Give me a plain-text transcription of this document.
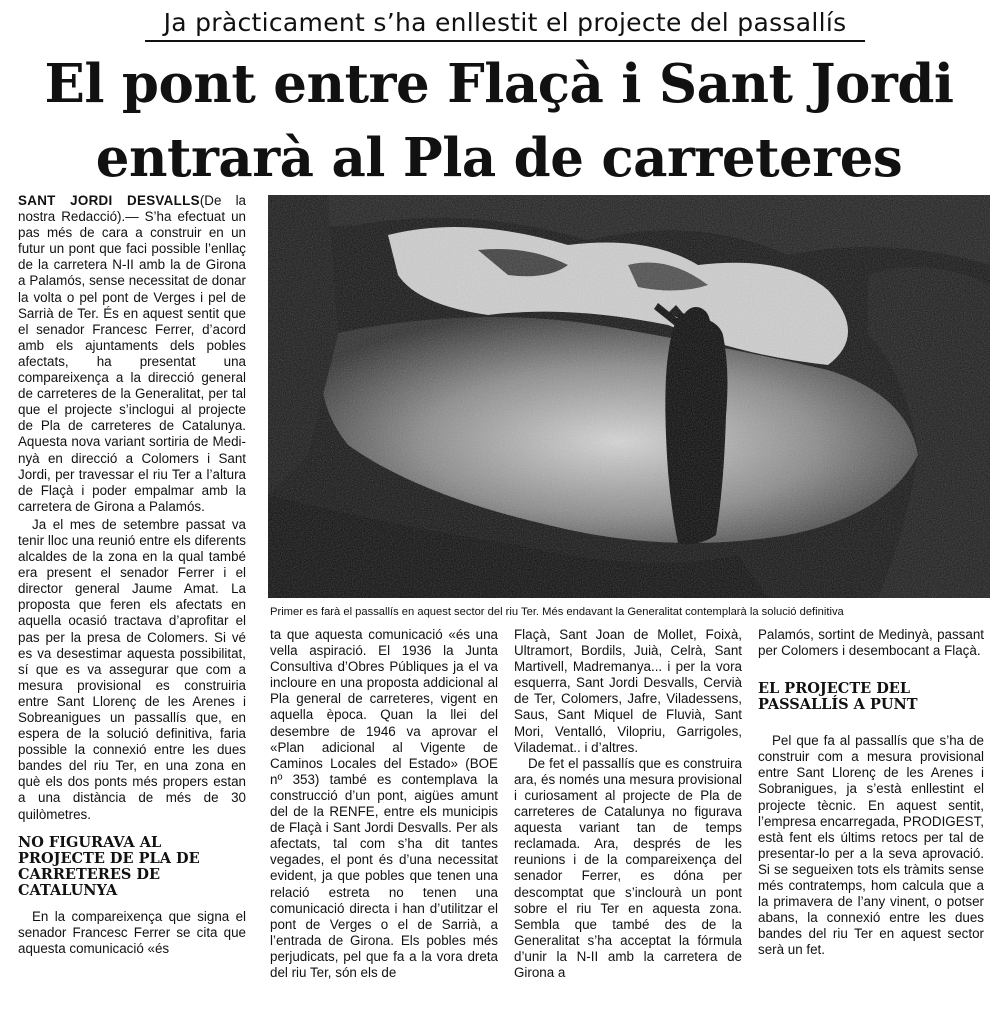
Ja pràcticament s’ha enllestit el projecte del passallís
El pont entre Flaçà i Sant Jordi
entrarà al Pla de carreteres

SANT JORDI DESVALLS(De la nostra Redacció).— S’ha efectuat un pas més de cara a construir en un futur un pont que faci possible l’enllaç de la carretera N-II amb la de Girona a Palamós, sense necessitat de donar la volta o pel pont de Verges i pel de Sarrià de Ter. És en aquest sentit que el senador Francesc Ferrer, d’acord amb els ajuntaments dels pobles afectats, ha presentat una compareixença a la direcció general de carreteres de la Generalitat, per tal que el projecte s’inclogui al projecte de Pla de carreteres de Catalunya. Aquesta nova variant sortiria de Medinyà en direcció a Colomers i Sant Jordi, per travessar el riu Ter a l’altura de Flaçà i poder empalmar amb la carretera de Girona a Palamós.

Ja el mes de setembre passat va tenir lloc una reunió entre els diferents alcaldes de la zona en la qual també era present el senador Ferrer i el director general Jaume Amat. La proposta que feren els afectats en aquella ocasió tractava d’aprofitar el pas per la presa de Colomers. Si vé es va desestimar aquesta possibilitat, sí que es va assegurar que com a mesura provisional es construiria entre Sant Llorenç de les Arenes i Sobreanigues un passallís que, en espera de la solució definitiva, faria possible la connexió entre les dues bandes del riu Ter, en una zona en què els dos ponts més propers estan a una distància de més de 30 quilòmetres.

NO FIGURAVA AL PROJECTE DE PLA DE CARRETERES DE CATALUNYA

En la compareixença que signa el senador Francesc Ferrer se cita que aquesta comunicació «és

Primer es farà el passallís en aquest sector del riu Ter. Més endavant la Generalitat contemplarà la solució definitiva

ta que aquesta comunicació «és una vella aspiració. El 1936 la Junta Consultiva d’Obres Públiques ja el va incloure en una proposta addicional al Pla general de carreteres, vigent en aquella època. Quan la llei del desembre de 1946 va aprovar el «Plan adicional al Vigente de Caminos Locales del Estado» (BOE nº 353) també es contemplava la construcció d’un pont, aigües amunt del de la RENFE, entre els municipis de Flaçà i Sant Jordi Desvalls. Per als afectats, tal com s’ha dit tantes vegades, el pont és d’una necessitat evident, ja que pobles que tenen una relació estreta no tenen una comunicació directa i han d’utilitzar el pont de Verges o el de Sarrià, a l’entrada de Girona. Els pobles més perjudicats, pel que fa a la vora dreta del riu Ter, són els de

Flaçà, Sant Joan de Mollet, Foixà, Ultramort, Bordils, Juià, Celrà, Sant Martivell, Madremanya... i per la vora esquerra, Sant Jordi Desvalls, Cervià de Ter, Colomers, Jafre, Viladessens, Saus, Sant Miquel de Fluvià, Sant Mori, Ventalló, Vilopriu, Garrigoles, Vilademat.. i d’altres.

De fet el passallís que es construira ara, és només una mesura provisional i curiosament al projecte de Pla de carreteres de Catalunya no figurava aquesta variant tan de temps reclamada. Ara, després de les reunions i de la compareixença del senador Ferrer, es dóna per descomptat que s’inclourà un pont sobre el riu Ter en aquesta zona. Sembla que també des de la Generalitat s’ha acceptat la fórmula d’unir la N-II amb la carretera de Girona a

Palamós, sortint de Medinyà, passant per Colomers i desembocant a Flaçà.

EL PROJECTE DEL PASSALLÍS A PUNT

Pel que fa al passallís que s’ha de construir com a mesura provisional entre Sant Llorenç de les Arenes i Sobranigues, ja s’està enllestint el projecte tècnic. En aquest sentit, l’empresa encarregada, PRODIGEST, està fent els últims retocs per tal de presentar-lo per a la seva aprovació. Si se segueixen tots els tràmits sense més contratemps, hom calcula que a la primavera de l’any vinent, o potser abans, la connexió entre les dues bandes del riu Ter en aquest sector serà un fet.
